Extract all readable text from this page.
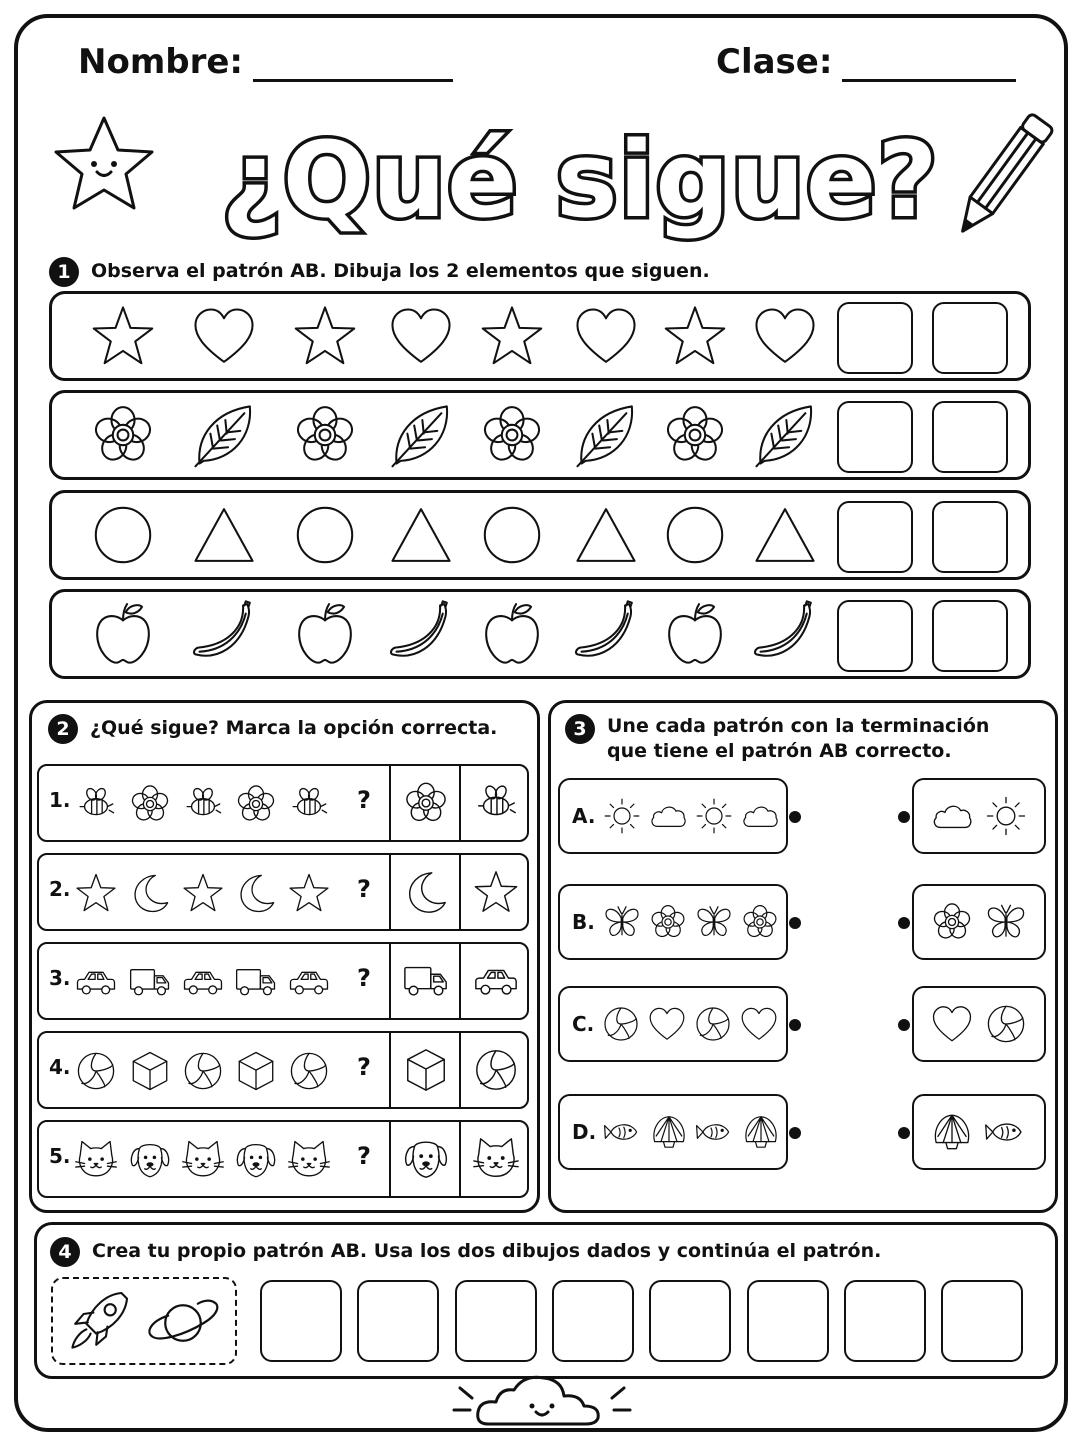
Nombre:	Clase:
¿Qué sigue?
1	Observa el patrón AB. Dibuja los 2 elementos que siguen.
2	¿Qué sigue? Marca la opción correcta.
1.	?
2.	?
3.	?
4.	?
5.	?
3	Une cada patrón con la terminación
que tiene el patrón AB correcto.
A.
B.
C.
D.
4	Crea tu propio patrón AB. Usa los dos dibujos dados y continúa el patrón.
